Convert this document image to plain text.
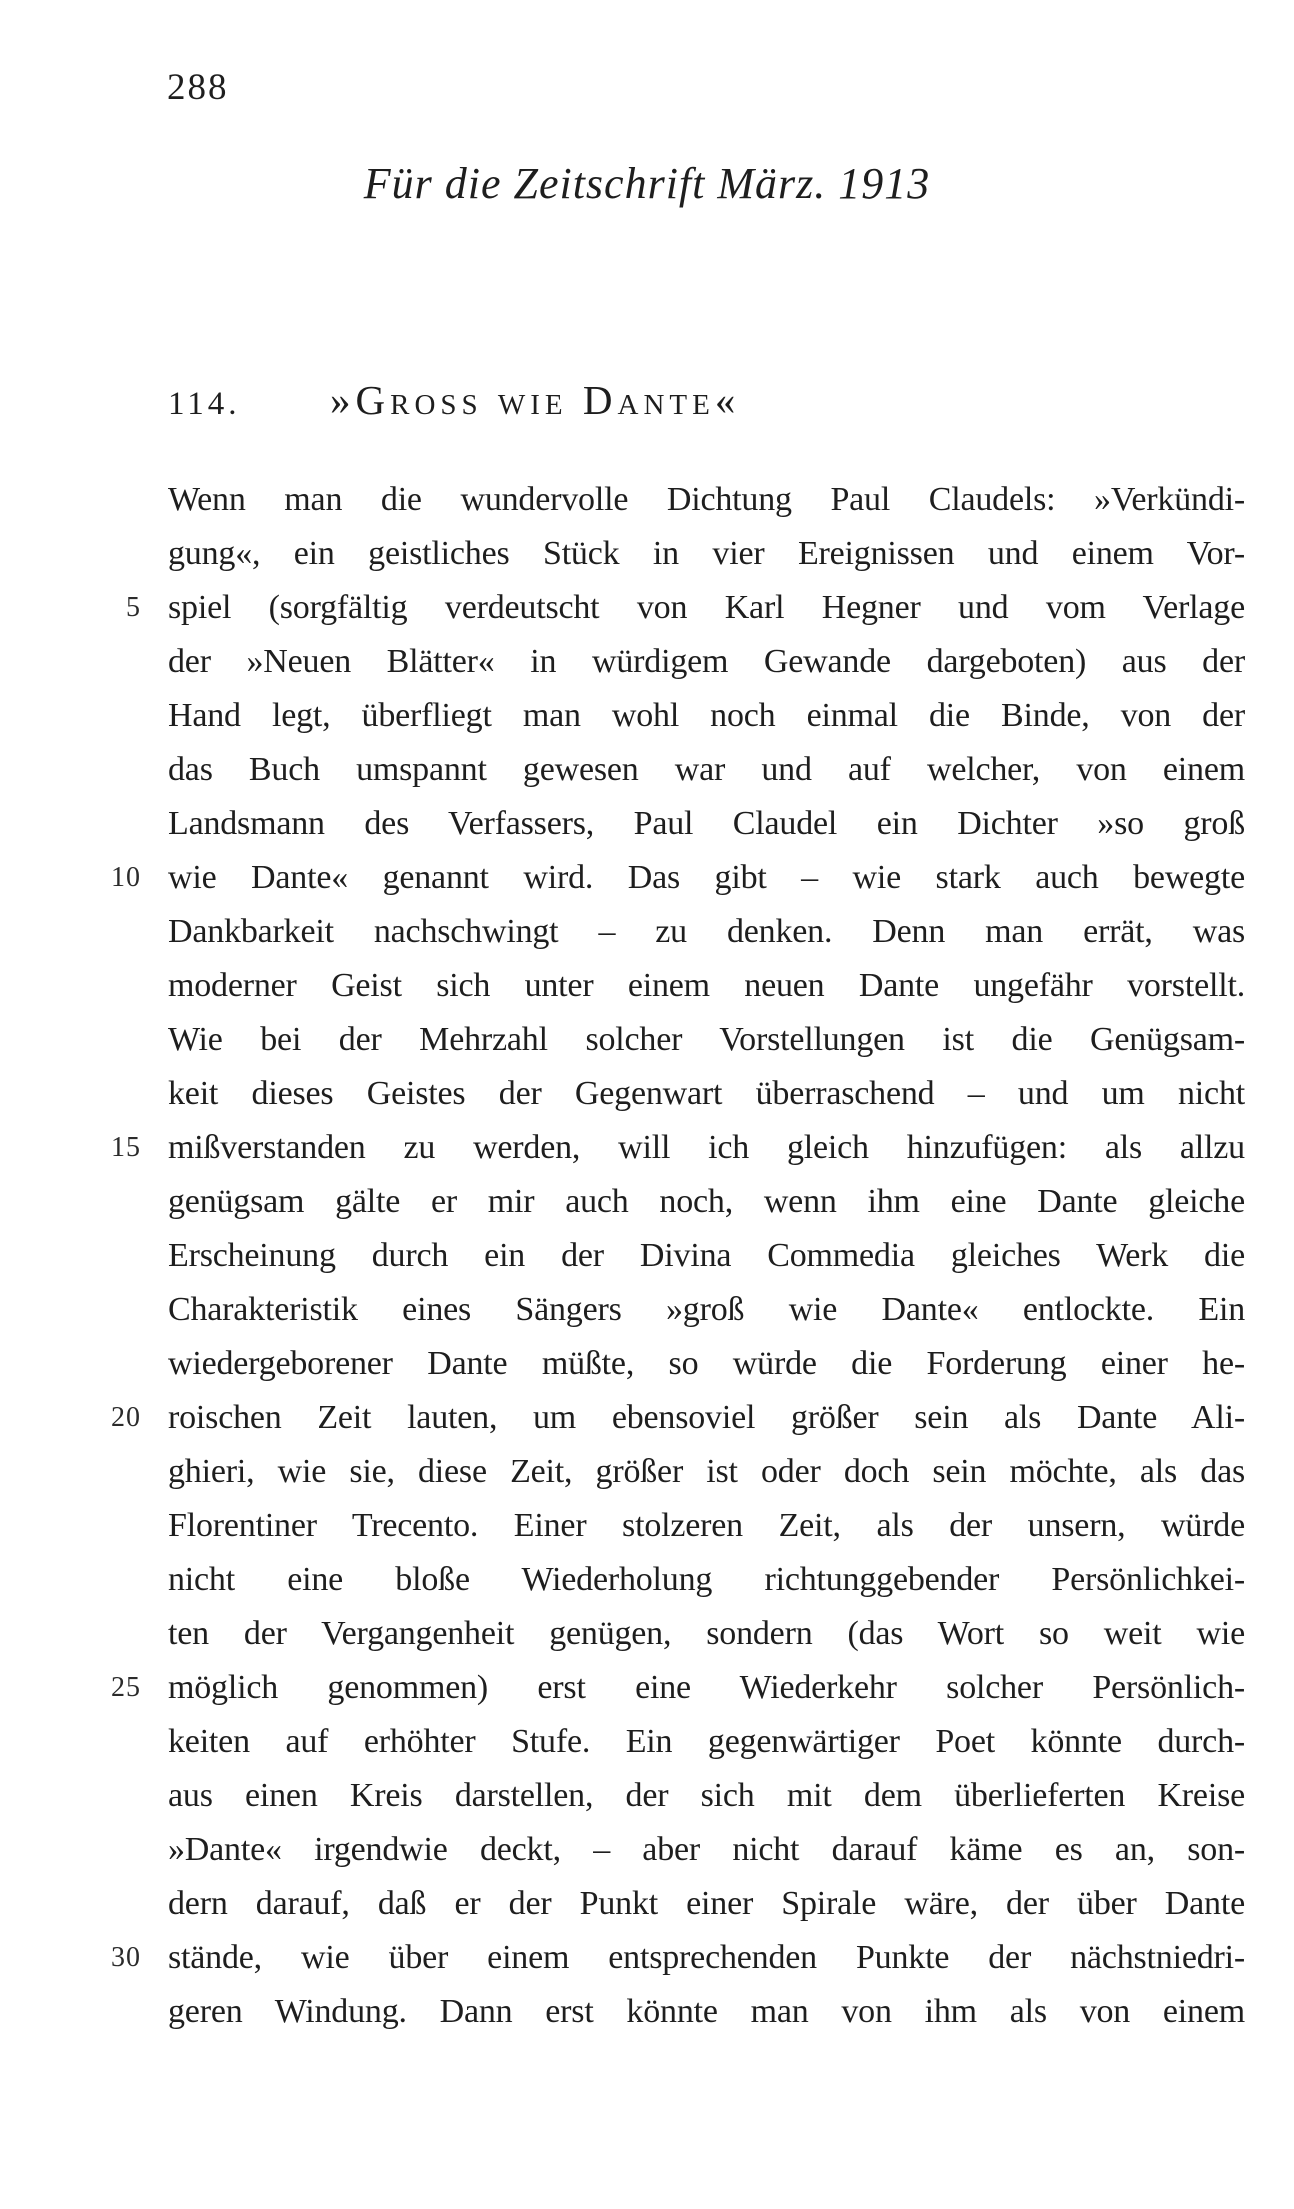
288
Für die Zeitschrift März. 1913
114. »Gross wie Dante«
Wenn man die wundervolle Dichtung Paul Claudels: »Verkündi-
gung«, ein geistliches Stück in vier Ereignissen und einem Vor-
5 spiel (sorgfältig verdeutscht von Karl Hegner und vom Verlage
der »Neuen Blätter« in würdigem Gewande dargeboten) aus der
Hand legt, überfliegt man wohl noch einmal die Binde, von der
das Buch umspannt gewesen war und auf welcher, von einem
Landsmann des Verfassers, Paul Claudel ein Dichter »so groß
10 wie Dante« genannt wird. Das gibt – wie stark auch bewegte
Dankbarkeit nachschwingt – zu denken. Denn man errät, was
moderner Geist sich unter einem neuen Dante ungefähr vorstellt.
Wie bei der Mehrzahl solcher Vorstellungen ist die Genügsam-
keit dieses Geistes der Gegenwart überraschend – und um nicht
15 mißverstanden zu werden, will ich gleich hinzufügen: als allzu
genügsam gälte er mir auch noch, wenn ihm eine Dante gleiche
Erscheinung durch ein der Divina Commedia gleiches Werk die
Charakteristik eines Sängers »groß wie Dante« entlockte. Ein
wiedergeborener Dante müßte, so würde die Forderung einer he-
20 roischen Zeit lauten, um ebensoviel größer sein als Dante Ali-
ghieri, wie sie, diese Zeit, größer ist oder doch sein möchte, als das
Florentiner Trecento. Einer stolzeren Zeit, als der unsern, würde
nicht eine bloße Wiederholung richtunggebender Persönlichkei-
ten der Vergangenheit genügen, sondern (das Wort so weit wie
25 möglich genommen) erst eine Wiederkehr solcher Persönlich-
keiten auf erhöhter Stufe. Ein gegenwärtiger Poet könnte durch-
aus einen Kreis darstellen, der sich mit dem überlieferten Kreise
»Dante« irgendwie deckt, – aber nicht darauf käme es an, son-
dern darauf, daß er der Punkt einer Spirale wäre, der über Dante
30 stände, wie über einem entsprechenden Punkte der nächstniedri-
geren Windung. Dann erst könnte man von ihm als von einem
